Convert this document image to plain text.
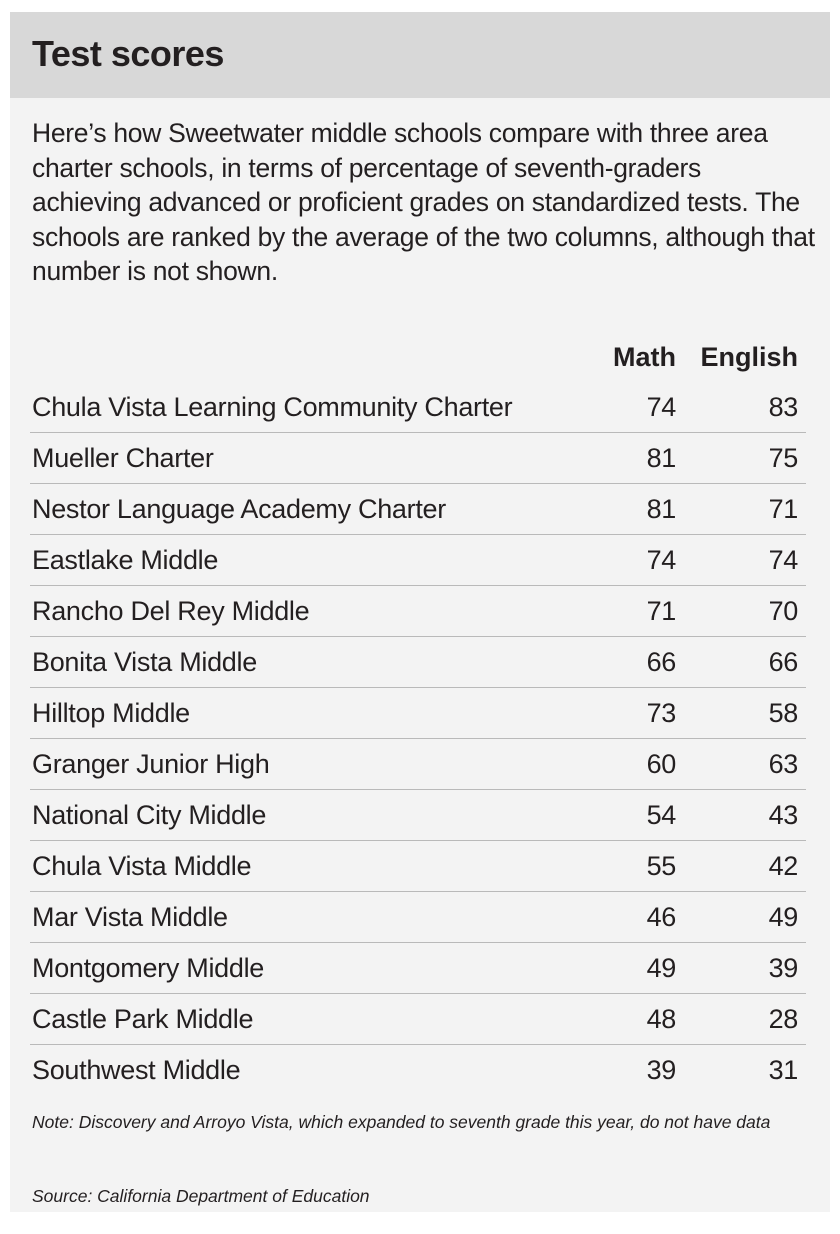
Test scores

Here’s how Sweetwater middle schools compare with three area charter schools, in terms of percentage of seventh-graders achieving advanced or proficient grades on standardized tests. The schools are ranked by the average of the two columns, although that number is not shown.

Math English
Chula Vista Learning Community Charter	74	83
Mueller Charter	81	75
Nestor Language Academy Charter	81	71
Eastlake Middle	74	74
Rancho Del Rey Middle	71	70
Bonita Vista Middle	66	66
Hilltop Middle	73	58
Granger Junior High	60	63
National City Middle	54	43
Chula Vista Middle	55	42
Mar Vista Middle	46	49
Montgomery Middle	49	39
Castle Park Middle	48	28
Southwest Middle	39	31

Note: Discovery and Arroyo Vista, which expanded to seventh grade this year, do not have data

Source: California Department of Education
